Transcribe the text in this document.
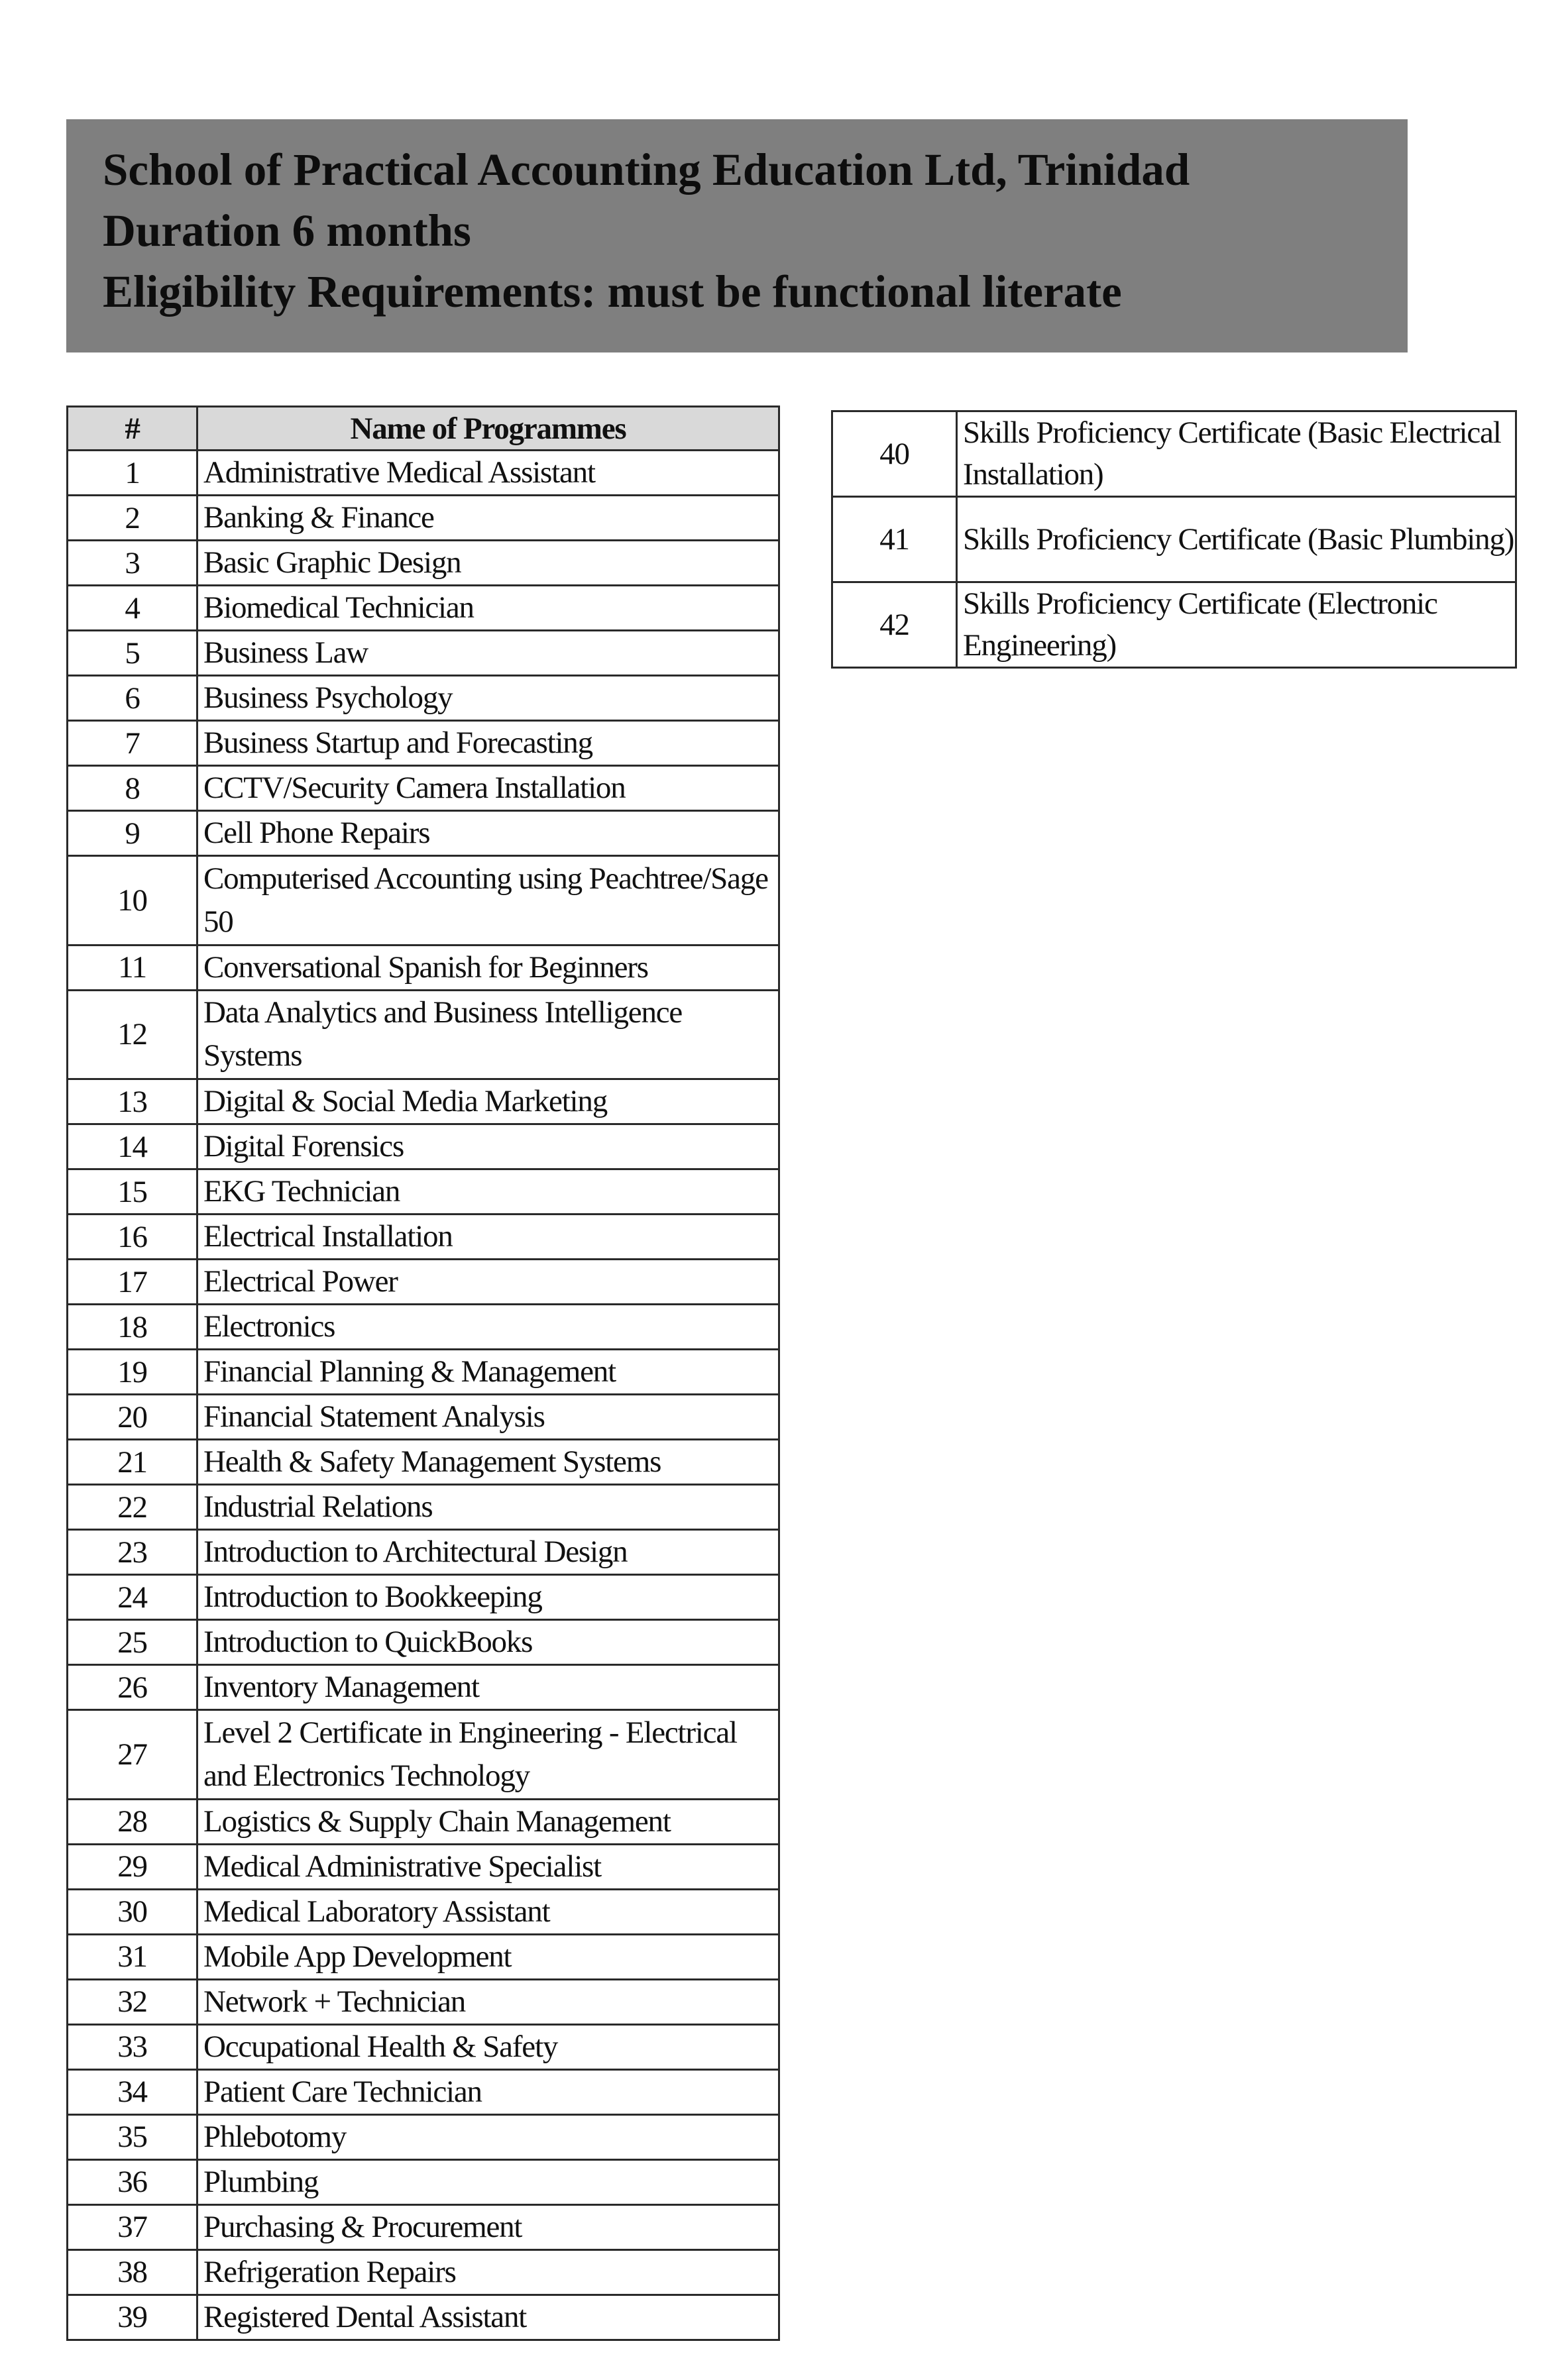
School of Practical Accounting Education Ltd, Trinidad
Duration 6 months
Eligibility Requirements: must be functional literate
#	Name of Programmes
1	Administrative Medical Assistant
2	Banking & Finance
3	Basic Graphic Design
4	Biomedical Technician
5	Business Law
6	Business Psychology
7	Business Startup and Forecasting
8	CCTV/Security Camera Installation
9	Cell Phone Repairs
10	Computerised Accounting using Peachtree/Sage 50
11	Conversational Spanish for Beginners
12	Data Analytics and Business Intelligence Systems
13	Digital & Social Media Marketing
14	Digital Forensics
15	EKG Technician
16	Electrical Installation
17	Electrical Power
18	Electronics
19	Financial Planning & Management
20	Financial Statement Analysis
21	Health & Safety Management Systems
22	Industrial Relations
23	Introduction to Architectural Design
24	Introduction to Bookkeeping
25	Introduction to QuickBooks
26	Inventory Management
27	Level 2 Certificate in Engineering - Electrical and Electronics Technology
28	Logistics & Supply Chain Management
29	Medical Administrative Specialist
30	Medical Laboratory Assistant
31	Mobile App Development
32	Network + Technician
33	Occupational Health & Safety
34	Patient Care Technician
35	Phlebotomy
36	Plumbing
37	Purchasing & Procurement
38	Refrigeration Repairs
39	Registered Dental Assistant
40	Skills Proficiency Certificate (Basic Electrical Installation)
41	Skills Proficiency Certificate (Basic Plumbing)
42	Skills Proficiency Certificate (Electronic Engineering)
